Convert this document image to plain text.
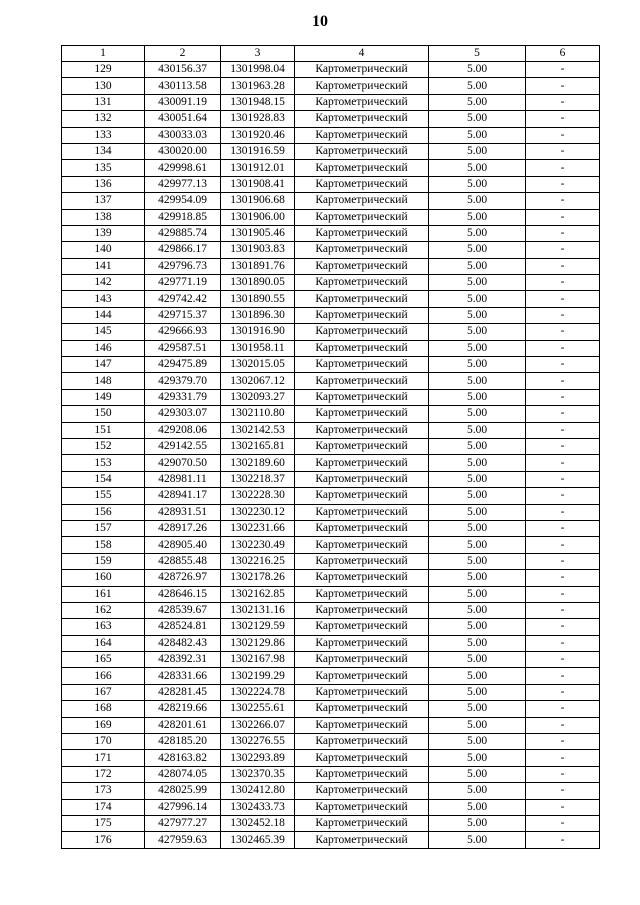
10
1	2	3	4	5	6
129	430156.37	1301998.04	Картометрический	5.00	-
130	430113.58	1301963.28	Картометрический	5.00	-
131	430091.19	1301948.15	Картометрический	5.00	-
132	430051.64	1301928.83	Картометрический	5.00	-
133	430033.03	1301920.46	Картометрический	5.00	-
134	430020.00	1301916.59	Картометрический	5.00	-
135	429998.61	1301912.01	Картометрический	5.00	-
136	429977.13	1301908.41	Картометрический	5.00	-
137	429954.09	1301906.68	Картометрический	5.00	-
138	429918.85	1301906.00	Картометрический	5.00	-
139	429885.74	1301905.46	Картометрический	5.00	-
140	429866.17	1301903.83	Картометрический	5.00	-
141	429796.73	1301891.76	Картометрический	5.00	-
142	429771.19	1301890.05	Картометрический	5.00	-
143	429742.42	1301890.55	Картометрический	5.00	-
144	429715.37	1301896.30	Картометрический	5.00	-
145	429666.93	1301916.90	Картометрический	5.00	-
146	429587.51	1301958.11	Картометрический	5.00	-
147	429475.89	1302015.05	Картометрический	5.00	-
148	429379.70	1302067.12	Картометрический	5.00	-
149	429331.79	1302093.27	Картометрический	5.00	-
150	429303.07	1302110.80	Картометрический	5.00	-
151	429208.06	1302142.53	Картометрический	5.00	-
152	429142.55	1302165.81	Картометрический	5.00	-
153	429070.50	1302189.60	Картометрический	5.00	-
154	428981.11	1302218.37	Картометрический	5.00	-
155	428941.17	1302228.30	Картометрический	5.00	-
156	428931.51	1302230.12	Картометрический	5.00	-
157	428917.26	1302231.66	Картометрический	5.00	-
158	428905.40	1302230.49	Картометрический	5.00	-
159	428855.48	1302216.25	Картометрический	5.00	-
160	428726.97	1302178.26	Картометрический	5.00	-
161	428646.15	1302162.85	Картометрический	5.00	-
162	428539.67	1302131.16	Картометрический	5.00	-
163	428524.81	1302129.59	Картометрический	5.00	-
164	428482.43	1302129.86	Картометрический	5.00	-
165	428392.31	1302167.98	Картометрический	5.00	-
166	428331.66	1302199.29	Картометрический	5.00	-
167	428281.45	1302224.78	Картометрический	5.00	-
168	428219.66	1302255.61	Картометрический	5.00	-
169	428201.61	1302266.07	Картометрический	5.00	-
170	428185.20	1302276.55	Картометрический	5.00	-
171	428163.82	1302293.89	Картометрический	5.00	-
172	428074.05	1302370.35	Картометрический	5.00	-
173	428025.99	1302412.80	Картометрический	5.00	-
174	427996.14	1302433.73	Картометрический	5.00	-
175	427977.27	1302452.18	Картометрический	5.00	-
176	427959.63	1302465.39	Картометрический	5.00	-
